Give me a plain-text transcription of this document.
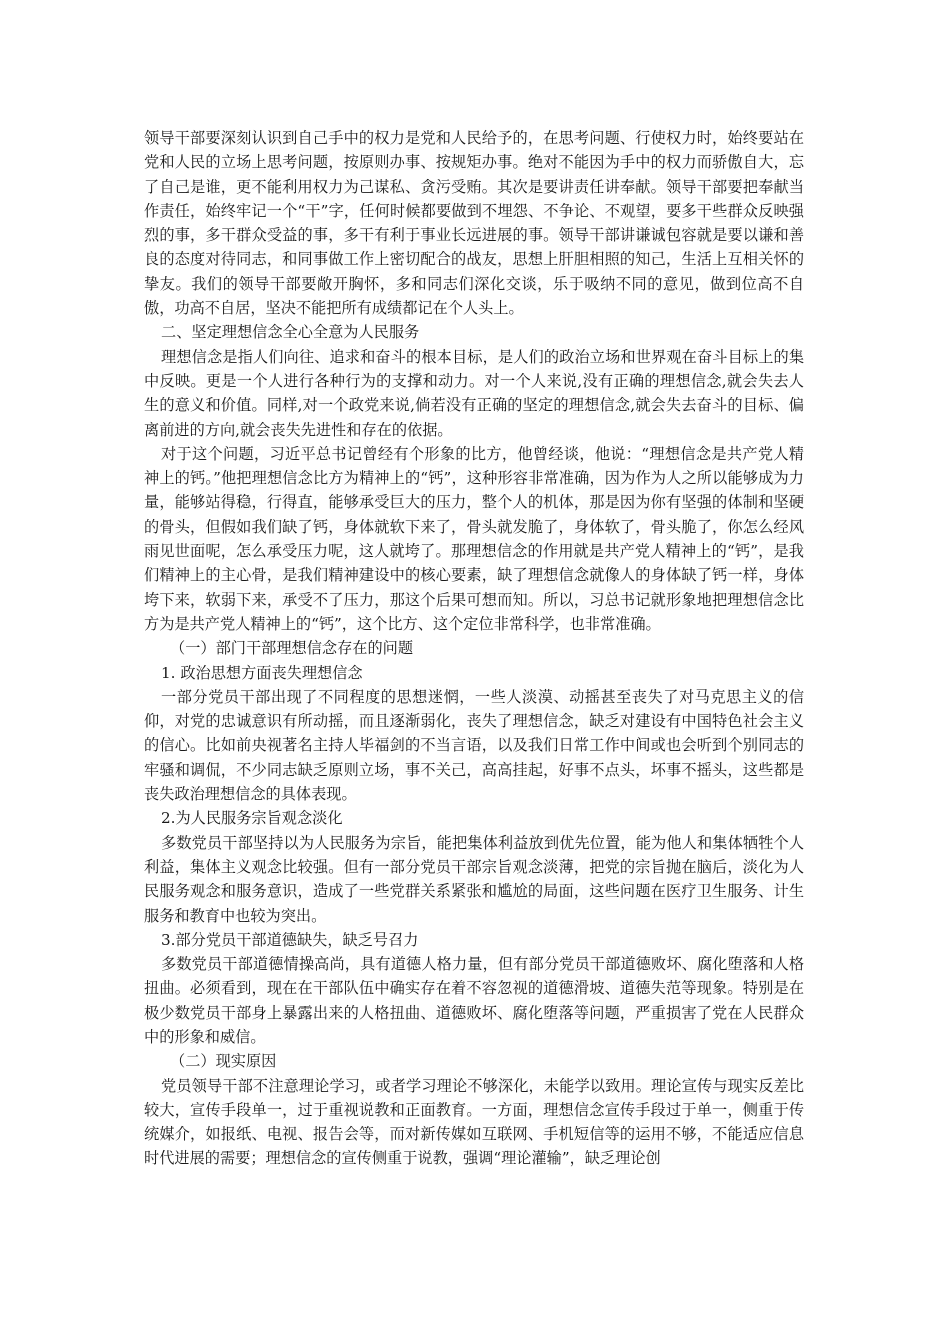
领导干部要深刻认识到自己手中的权力是党和人民给予的，在思考问题、行使权力时，始终要站在党和人民的立场上思考问题，按原则办事、按规矩办事。绝对不能因为手中的权力而骄傲自大，忘了自己是谁，更不能利用权力为己谋私、贪污受贿。其次是要讲责任讲奉献。领导干部要把奉献当作责任，始终牢记一个“干”字，任何时候都要做到不埋怨、不争论、不观望，要多干些群众反映强烈的事，多干群众受益的事，多干有利于事业长远进展的事。领导干部讲谦诚包容就是要以谦和善良的态度对待同志，和同事做工作上密切配合的战友，思想上肝胆相照的知己，生活上互相关怀的挚友。我们的领导干部要敞开胸怀，多和同志们深化交谈，乐于吸纳不同的意见，做到位高不自傲，功高不自居，坚决不能把所有成绩都记在个人头上。

二、坚定理想信念全心全意为人民服务

理想信念是指人们向往、追求和奋斗的根本目标，是人们的政治立场和世界观在奋斗目标上的集中反映。更是一个人进行各种行为的支撑和动力。对一个人来说,没有正确的理想信念,就会失去人生的意义和价值。同样,对一个政党来说,倘若没有正确的坚定的理想信念,就会失去奋斗的目标、偏离前进的方向,就会丧失先进性和存在的依据。

对于这个问题，习近平总书记曾经有个形象的比方，他曾经谈，他说：“理想信念是共产党人精神上的钙。”他把理想信念比方为精神上的“钙”，这种形容非常准确，因为作为人之所以能够成为力量，能够站得稳，行得直，能够承受巨大的压力，整个人的机体，那是因为你有坚强的体制和坚硬的骨头，但假如我们缺了钙，身体就软下来了，骨头就发脆了，身体软了，骨头脆了，你怎么经风雨见世面呢，怎么承受压力呢，这人就垮了。那理想信念的作用就是共产党人精神上的“钙”，是我们精神上的主心骨，是我们精神建设中的核心要素，缺了理想信念就像人的身体缺了钙一样，身体垮下来，软弱下来，承受不了压力，那这个后果可想而知。所以，习总书记就形象地把理想信念比方为是共产党人精神上的“钙”，这个比方、这个定位非常科学，也非常准确。

（一）部门干部理想信念存在的问题

1. 政治思想方面丧失理想信念

一部分党员干部出现了不同程度的思想迷惘，一些人淡漠、动摇甚至丧失了对马克思主义的信仰，对党的忠诚意识有所动摇，而且逐渐弱化，丧失了理想信念，缺乏对建设有中国特色社会主义的信心。比如前央视著名主持人毕福剑的不当言语，以及我们日常工作中间或也会听到个别同志的牢骚和调侃，不少同志缺乏原则立场，事不关己，高高挂起，好事不点头，坏事不摇头，这些都是丧失政治理想信念的具体表现。

2.为人民服务宗旨观念淡化

多数党员干部坚持以为人民服务为宗旨，能把集体利益放到优先位置，能为他人和集体牺牲个人利益，集体主义观念比较强。但有一部分党员干部宗旨观念淡薄，把党的宗旨抛在脑后，淡化为人民服务观念和服务意识，造成了一些党群关系紧张和尴尬的局面，这些问题在医疗卫生服务、计生服务和教育中也较为突出。

3.部分党员干部道德缺失，缺乏号召力

多数党员干部道德情操高尚，具有道德人格力量，但有部分党员干部道德败坏、腐化堕落和人格扭曲。必须看到，现在在干部队伍中确实存在着不容忽视的道德滑坡、道德失范等现象。特别是在极少数党员干部身上暴露出来的人格扭曲、道德败坏、腐化堕落等问题，严重损害了党在人民群众中的形象和威信。

（二）现实原因

党员领导干部不注意理论学习，或者学习理论不够深化，未能学以致用。理论宣传与现实反差比较大，宣传手段单一，过于重视说教和正面教育。一方面，理想信念宣传手段过于单一，侧重于传统媒介，如报纸、电视、报告会等，而对新传媒如互联网、手机短信等的运用不够，不能适应信息时代进展的需要；理想信念的宣传侧重于说教，强调“理论灌输”，缺乏理论创
